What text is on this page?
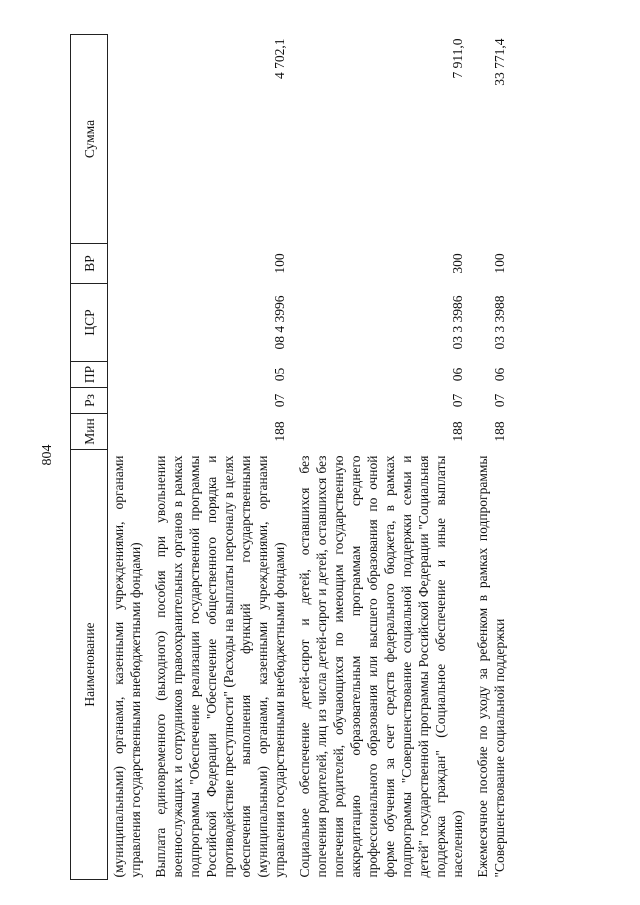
804
Наименование	Мин	Рз	ПР	ЦСР	ВР	Сумма
(муниципальными) органами, казенными учреждениями, органами управления государственными внебюджетными фондами)						
Выплата единовременного (выходного) пособия при увольнении военнослужащих и сотрудников правоохранительных органов в рамках подпрограммы "Обеспечение реализации государственной программы Российской Федерации "Обеспечение общественного порядка и противодействие преступности" (Расходы на выплаты персоналу в целях обеспечения выполнения функций государственными (муниципальными) органами, казенными учреждениями, органами управления государственными внебюджетными фондами)	188	07	05	08 4 3996	100	4 702,1
Социальное обеспечение детей-сирот и детей, оставшихся без попечения родителей, лиц из числа детей-сирот и детей, оставшихся без попечения родителей, обучающихся по имеющим государственную аккредитацию образовательным программам среднего профессионального образования или высшего образования по очной форме обучения за счет средств федерального бюджета, в рамках подпрограммы "Совершенствование социальной поддержки семьи и детей" государственной программы Российской Федерации "Социальная поддержка граждан" (Социальное обеспечение и иные выплаты населению)	188	07	06	03 3 3986	300	7 911,0
Ежемесячное пособие по уходу за ребенком в рамках подпрограммы "Совершенствование социальной поддержки	188	07	06	03 3 3988	100	33 771,4
